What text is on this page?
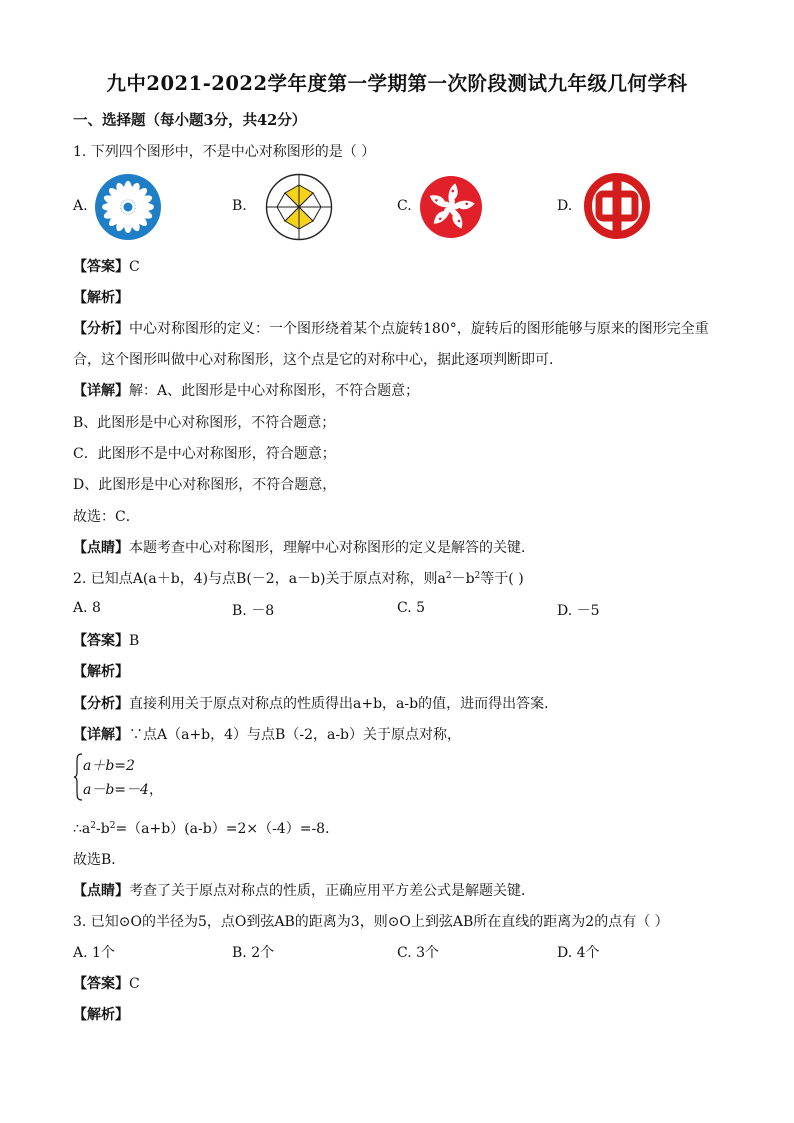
九中2021-2022学年度第一学期第一次阶段测试九年级几何学科
一、选择题（每小题3分，共42分）
1. 下列四个图形中，不是中心对称图形的是（ ）
A.	B.	C.	D.
【答案】C
【解析】
【分析】中心对称图形的定义：一个图形绕着某个点旋转180°，旋转后的图形能够与原来的图形完全重
合，这个图形叫做中心对称图形，这个点是它的对称中心，据此逐项判断即可．
【详解】解：A、此图形是中心对称图形，不符合题意；
B、此图形是中心对称图形，不符合题意；
C．此图形不是中心对称图形，符合题意；
D、此图形是中心对称图形，不符合题意，
故选：C．
【点睛】本题考查中心对称图形，理解中心对称图形的定义是解答的关键．
2. 已知点A(a＋b，4)与点B(－2，a－b)关于原点对称，则$a^2-b^2$等于( )
A. 8	B. －8	C. 5	D. －5
【答案】B
【解析】
【分析】直接利用关于原点对称点的性质得出a+b，a-b的值，进而得出答案．
【详解】∵点A（a+b，4）与点B（-2，a-b）关于原点对称，
a＋b=2
a－b=－4，
$\therefore a^2-b^2=(a+b)(a-b)=2\times(-4)=-8$．
故选B．
【点睛】考查了关于原点对称点的性质，正确应用平方差公式是解题关键．
3. 已知⊙O的半径为5，点O到弦AB的距离为3，则⊙O上到弦AB所在直线的距离为2的点有（ ）
A. 1个	B. 2个	C. 3个	D. 4个
【答案】C
【解析】
